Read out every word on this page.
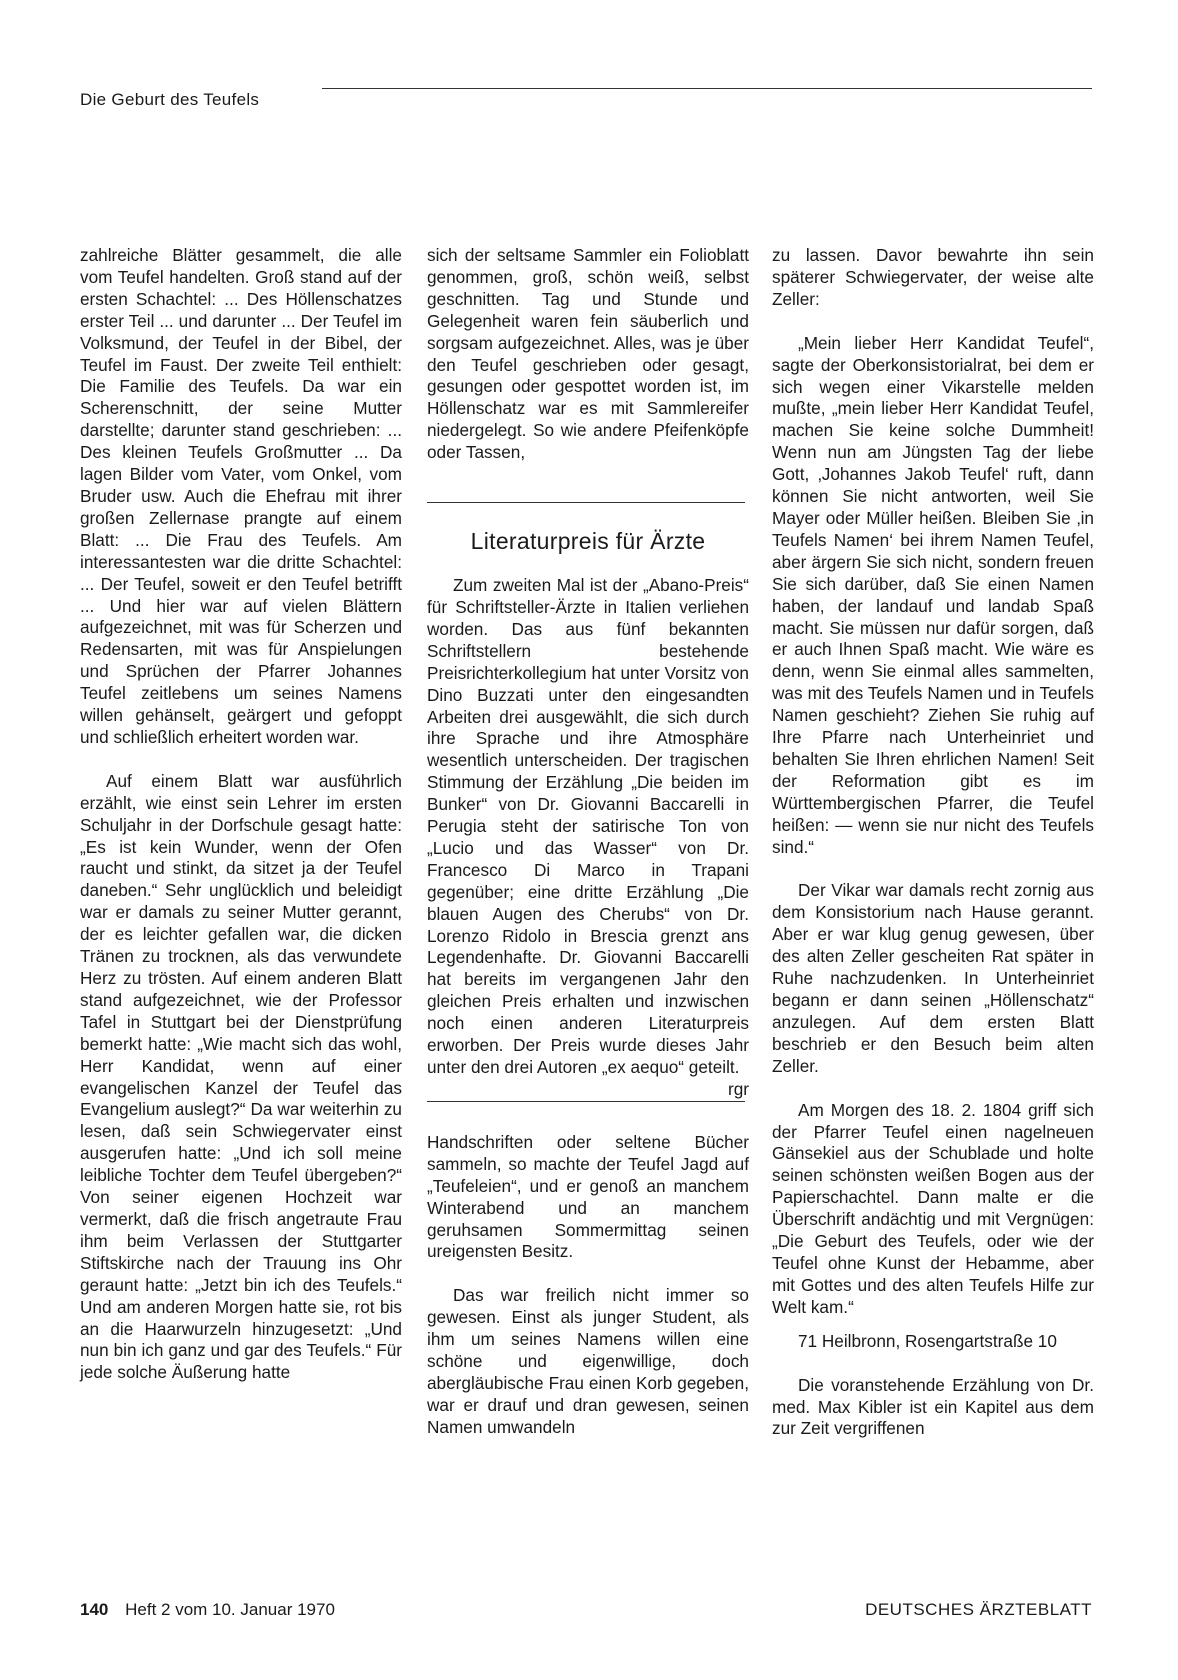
Die Geburt des Teufels

zahlreiche Blätter gesammelt, die alle vom Teufel handelten. Groß stand auf der ersten Schachtel: ... Des Höllenschatzes erster Teil ... und darunter ... Der Teufel im Volksmund, der Teufel in der Bibel, der Teufel im Faust. Der zweite Teil enthielt: Die Familie des Teufels. Da war ein Scherenschnitt, der seine Mutter darstellte; darunter stand geschrieben: ... Des kleinen Teufels Großmutter ... Da lagen Bilder vom Vater, vom Onkel, vom Bruder usw. Auch die Ehefrau mit ihrer großen Zellernase prangte auf einem Blatt: ... Die Frau des Teufels. Am interessantesten war die dritte Schachtel: ... Der Teufel, soweit er den Teufel betrifft ... Und hier war auf vielen Blättern aufgezeichnet, mit was für Scherzen und Redensarten, mit was für Anspielungen und Sprüchen der Pfarrer Johannes Teufel zeitlebens um seines Namens willen gehänselt, geärgert und gefoppt und schließlich erheitert worden war.

Auf einem Blatt war ausführlich erzählt, wie einst sein Lehrer im ersten Schuljahr in der Dorfschule gesagt hatte: „Es ist kein Wunder, wenn der Ofen raucht und stinkt, da sitzet ja der Teufel daneben.“ Sehr unglücklich und beleidigt war er damals zu seiner Mutter gerannt, der es leichter gefallen war, die dicken Tränen zu trocknen, als das verwundete Herz zu trösten. Auf einem anderen Blatt stand aufgezeichnet, wie der Professor Tafel in Stuttgart bei der Dienstprüfung bemerkt hatte: „Wie macht sich das wohl, Herr Kandidat, wenn auf einer evangelischen Kanzel der Teufel das Evangelium auslegt?“ Da war weiterhin zu lesen, daß sein Schwiegervater einst ausgerufen hatte: „Und ich soll meine leibliche Tochter dem Teufel übergeben?“ Von seiner eigenen Hochzeit war vermerkt, daß die frisch angetraute Frau ihm beim Verlassen der Stuttgarter Stiftskirche nach der Trauung ins Ohr geraunt hatte: „Jetzt bin ich des Teufels.“ Und am anderen Morgen hatte sie, rot bis an die Haarwurzeln hinzugesetzt: „Und nun bin ich ganz und gar des Teufels.“ Für jede solche Äußerung hatte

sich der seltsame Sammler ein Folioblatt genommen, groß, schön weiß, selbst geschnitten. Tag und Stunde und Gelegenheit waren fein säuberlich und sorgsam aufgezeichnet. Alles, was je über den Teufel geschrieben oder gesagt, gesungen oder gespottet worden ist, im Höllenschatz war es mit Sammlereifer niedergelegt. So wie andere Pfeifenköpfe oder Tassen,

Literaturpreis für Ärzte

Zum zweiten Mal ist der „Abano-Preis“ für Schriftsteller-Ärzte in Italien verliehen worden. Das aus fünf bekannten Schriftstellern bestehende Preisrichterkollegium hat unter Vorsitz von Dino Buzzati unter den eingesandten Arbeiten drei ausgewählt, die sich durch ihre Sprache und ihre Atmosphäre wesentlich unterscheiden. Der tragischen Stimmung der Erzählung „Die beiden im Bunker“ von Dr. Giovanni Baccarelli in Perugia steht der satirische Ton von „Lucio und das Wasser“ von Dr. Francesco Di Marco in Trapani gegenüber; eine dritte Erzählung „Die blauen Augen des Cherubs“ von Dr. Lorenzo Ridolo in Brescia grenzt ans Legendenhafte. Dr. Giovanni Baccarelli hat bereits im vergangenen Jahr den gleichen Preis erhalten und inzwischen noch einen anderen Literaturpreis erworben. Der Preis wurde dieses Jahr unter den drei Autoren „ex aequo“ geteilt.
rgr

Handschriften oder seltene Bücher sammeln, so machte der Teufel Jagd auf „Teufeleien“, und er genoß an manchem Winterabend und an manchem geruhsamen Sommermittag seinen ureigensten Besitz.

Das war freilich nicht immer so gewesen. Einst als junger Student, als ihm um seines Namens willen eine schöne und eigenwillige, doch abergläubische Frau einen Korb gegeben, war er drauf und dran gewesen, seinen Namen umwandeln

zu lassen. Davor bewahrte ihn sein späterer Schwiegervater, der weise alte Zeller:

„Mein lieber Herr Kandidat Teufel“, sagte der Oberkonsistorialrat, bei dem er sich wegen einer Vikarstelle melden mußte, „mein lieber Herr Kandidat Teufel, machen Sie keine solche Dummheit! Wenn nun am Jüngsten Tag der liebe Gott, ‚Johannes Jakob Teufel‘ ruft, dann können Sie nicht antworten, weil Sie Mayer oder Müller heißen. Bleiben Sie ‚in Teufels Namen‘ bei ihrem Namen Teufel, aber ärgern Sie sich nicht, sondern freuen Sie sich darüber, daß Sie einen Namen haben, der landauf und landab Spaß macht. Sie müssen nur dafür sorgen, daß er auch Ihnen Spaß macht. Wie wäre es denn, wenn Sie einmal alles sammelten, was mit des Teufels Namen und in Teufels Namen geschieht? Ziehen Sie ruhig auf Ihre Pfarre nach Unterheinriet und behalten Sie Ihren ehrlichen Namen! Seit der Reformation gibt es im Württembergischen Pfarrer, die Teufel heißen: — wenn sie nur nicht des Teufels sind.“

Der Vikar war damals recht zornig aus dem Konsistorium nach Hause gerannt. Aber er war klug genug gewesen, über des alten Zeller gescheiten Rat später in Ruhe nachzudenken. In Unterheinriet begann er dann seinen „Höllenschatz“ anzulegen. Auf dem ersten Blatt beschrieb er den Besuch beim alten Zeller.

Am Morgen des 18. 2. 1804 griff sich der Pfarrer Teufel einen nagelneuen Gänsekiel aus der Schublade und holte seinen schönsten weißen Bogen aus der Papierschachtel. Dann malte er die Überschrift andächtig und mit Vergnügen: „Die Geburt des Teufels, oder wie der Teufel ohne Kunst der Hebamme, aber mit Gottes und des alten Teufels Hilfe zur Welt kam.“

71 Heilbronn, Rosengartstraße 10

Die voranstehende Erzählung von Dr. med. Max Kibler ist ein Kapitel aus dem zur Zeit vergriffenen

140 Heft 2 vom 10. Januar 1970	DEUTSCHES ÄRZTEBLATT
